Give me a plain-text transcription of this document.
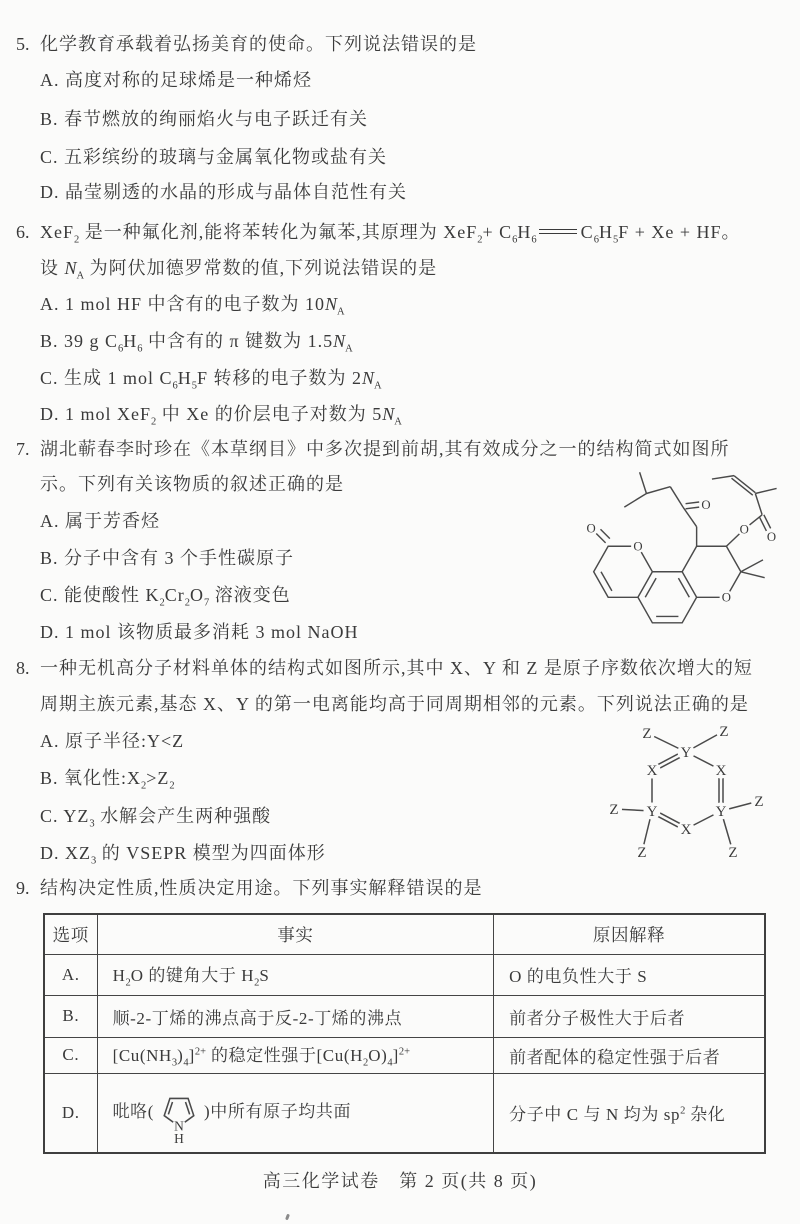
5. 化学教育承载着弘扬美育的使命。下列说法错误的是
A. 高度对称的足球烯是一种烯烃
B. 春节燃放的绚丽焰火与电子跃迁有关
C. 五彩缤纷的玻璃与金属氧化物或盐有关
D. 晶莹剔透的水晶的形成与晶体自范性有关
6. XeF$_2$ 是一种氟化剂,能将苯转化为氟苯,其原理为 $XeF_2+ C_6H_6$ $C_6H_5F + Xe$ + HF。
设 $N_A$ 为阿伏加德罗常数的值,下列说法错误的是
A. 1 mol HF 中含有的电子数为 $10N_A$
B. 39 g $C_6H_6$ 中含有的 π 键数为 $1.5N_A$
C. 生成 1 mol $C_6H_5F$ 转移的电子数为 $2N_A$
D. 1 mol XeF$_2$ 中 Xe 的价层电子对数为 $5N_A$
7. 湖北蕲春李时珍在《本草纲目》中多次提到前胡,其有效成分之一的结构简式如图所
示。下列有关该物质的叙述正确的是
A. 属于芳香烃
B. 分子中含有 3 个手性碳原子
C. 能使酸性 $K_2Cr_2O_7$ 溶液变色
D. 1 mol 该物质最多消耗 3 mol NaOH
O
O
O
O
O
O
8. 一种无机高分子材料单体的结构式如图所示,其中 X、Y 和 Z 是原子序数依次增大的短
周期主族元素,基态 X、Y 的第一电离能均高于同周期相邻的元素。下列说法正确的是
A. 原子半径:Y<Z
B. 氧化性$:X_2>Z_2$
C. $YZ_3$ 水解会产生两种强酸
D. $XZ_3$ 的 VSEPR 模型为四面体形
Y
X	X
Y	Y
X
Z	Z
Z
Z
Z
Z
9. 结构决定性质,性质决定用途。下列事实解释错误的是
选项	事实	原因解释
A.	$H_2O$ 的键角大于 $H_2S$	O 的电负性大于 S
B.	顺-2-丁烯的沸点高于反-2-丁烯的沸点	前者分子极性大于后者
C.	$[Cu(NH_3)_4]^{2+}$ 的稳定性强于$[Cu(H_2O)_4]^{2+}$	前者配体的稳定性强于后者
D.	吡咯(
N
H
)中所有原子均共面	分子中 C 与 N 均为 $sp^2$ 杂化
高三化学试卷　第 2 页(共 8 页)
